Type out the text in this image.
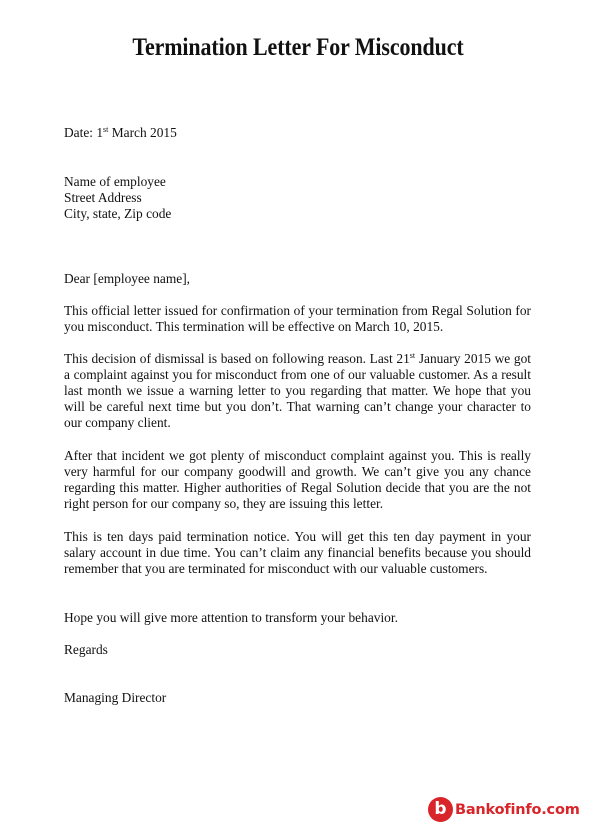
Termination Letter For Misconduct
Date: 1st March 2015
Name of employee
Street Address
City, state, Zip code
Dear [employee name],
This official letter issued for confirmation of your termination from Regal Solution for you misconduct. This termination will be effective on March 10, 2015.
This decision of dismissal is based on following reason. Last 21st January 2015 we got a complaint against you for misconduct from one of our valuable customer. As a result last month we issue a warning letter to you regarding that matter. We hope that you will be careful next time but you don’t. That warning can’t change your character to our company client.
After that incident we got plenty of misconduct complaint against you. This is really very harmful for our company goodwill and growth. We can’t give you any chance regarding this matter. Higher authorities of Regal Solution decide that you are the not right person for our company so, they are issuing this letter.
This is ten days paid termination notice. You will get this ten day payment in your salary account in due time. You can’t claim any financial benefits because you should remember that you are terminated for misconduct with our valuable customers.
Hope you will give more attention to transform your behavior.
Regards
Managing Director
b Bankofinfo.com
